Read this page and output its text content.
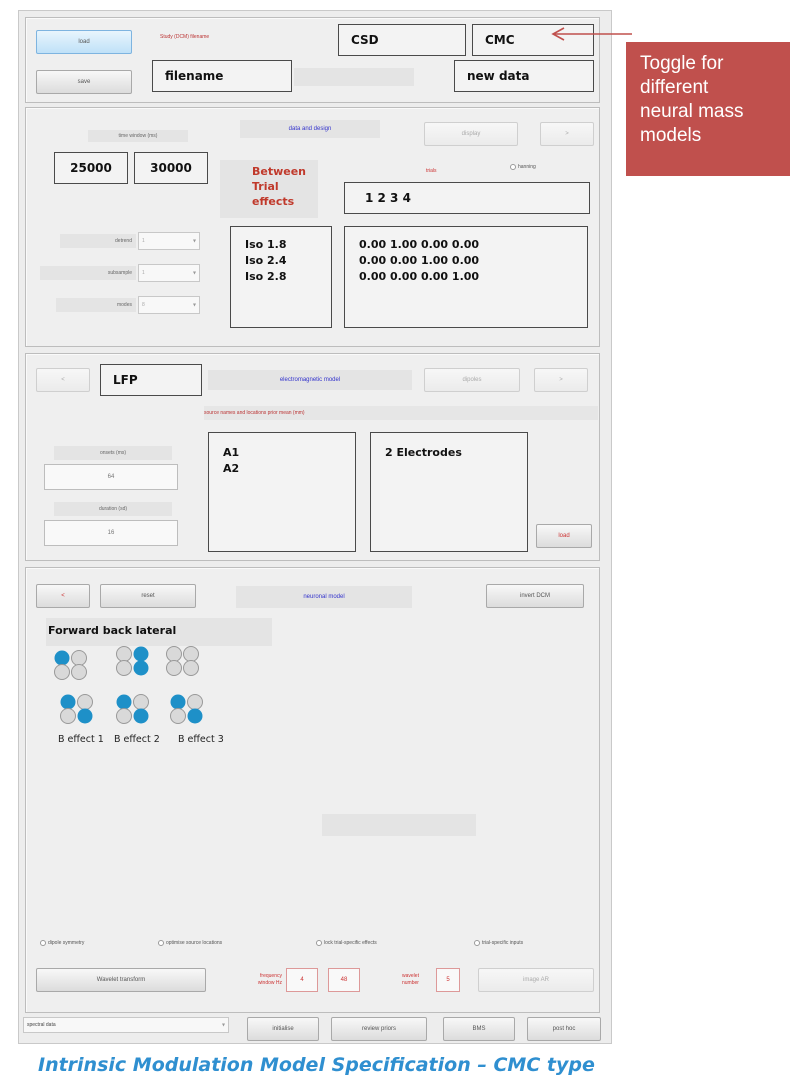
load
save
Study (DCM) filename	CSD	CMC
filename	new data
time window (ms)
25000	30000
data and design
display	>
Between
Trial
effects
trials
hanning
1 2 3 4
detrend	1	▾
subsample	1	▾
modes	8	▾
Iso 1.8
Iso 2.4
Iso 2.8
0.00 1.00 0.00 0.00
0.00 0.00 1.00 0.00
0.00 0.00 0.00 1.00
<	LFP	electromagnetic model	dipoles	>
source names and locations prior mean (mm)
A1
A2
2 Electrodes
onsets (ms)
64
duration (sd)
16	load
<	reset	neuronal model	invert DCM
Forward back lateral
B effect 1 B effect 2 B effect 3
dipole symmetry	optimise source locations	lock trial-specific effects	trial-specific inputs
Wavelet transform
frequency window Hz	4	48
wavelet number	5	image AR
spectral data	▾
initialise	review priors	BMS	post hoc
Toggle for
different
neural mass
models
Intrinsic Modulation Model Specification – CMC type
